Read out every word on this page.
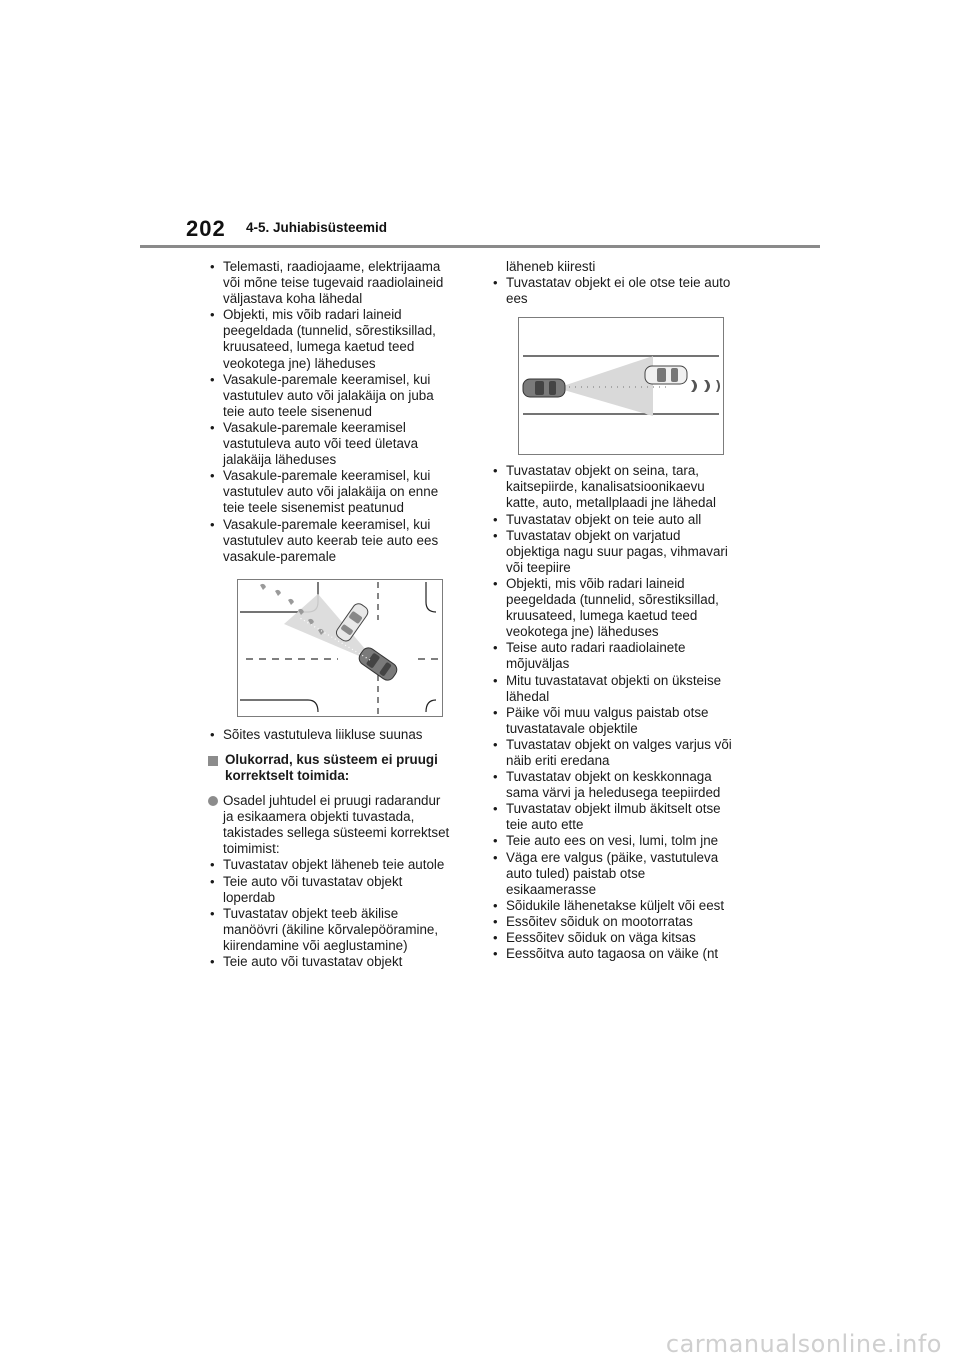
202 4-5. Juhiabisüsteemid
• Telemasti, raadiojaame, elektrijaama
või mõne teise tugevaid raadiolaineid
väljastava koha lähedal
• Objekti, mis võib radari laineid
peegeldada (tunnelid, sõrestiksillad,
kruusateed, lumega kaetud teed
veokotega jne) läheduses
• Vasakule-paremale keeramisel, kui
vastutulev auto või jalakäija on juba
teie auto teele sisenenud
• Vasakule-paremale keeramisel
vastutuleva auto või teed ületava
jalakäija läheduses
• Vasakule-paremale keeramisel, kui
vastutulev auto või jalakäija on enne
teie teele sisenemist peatunud
• Vasakule-paremale keeramisel, kui
vastutulev auto keerab teie auto ees
vasakule-paremale
• Sõites vastutuleva liikluse suunas
Olukorrad, kus süsteem ei pruugi
korrektselt toimida:
Osadel juhtudel ei pruugi radarandur
ja esikaamera objekti tuvastada,
takistades sellega süsteemi korrektset
toimimist:
• Tuvastatav objekt läheneb teie autole
• Teie auto või tuvastatav objekt
loperdab
• Tuvastatav objekt teeb äkilise
manöövri (äkiline kõrvalepööramine,
kiirendamine või aeglustamine)
• Teie auto või tuvastatav objekt
läheneb kiiresti
• Tuvastatav objekt ei ole otse teie auto
ees
• Tuvastatav objekt on seina, tara,
kaitsepiirde, kanalisatsioonikaevu
katte, auto, metallplaadi jne lähedal
• Tuvastatav objekt on teie auto all
• Tuvastatav objekt on varjatud
objektiga nagu suur pagas, vihmavari
või teepiire
• Objekti, mis võib radari laineid
peegeldada (tunnelid, sõrestiksillad,
kruusateed, lumega kaetud teed
veokotega jne) läheduses
• Teise auto radari raadiolainete
mõjuväljas
• Mitu tuvastatavat objekti on üksteise
lähedal
• Päike või muu valgus paistab otse
tuvastatavale objektile
• Tuvastatav objekt on valges varjus või
näib eriti eredana
• Tuvastatav objekt on keskkonnaga
sama värvi ja heledusega teepiirded
• Tuvastatav objekt ilmub äkitselt otse
teie auto ette
• Teie auto ees on vesi, lumi, tolm jne
• Väga ere valgus (päike, vastutuleva
auto tuled) paistab otse
esikaamerasse
• Sõidukile lähenetakse küljelt või eest
• Essõitev sõiduk on mootorratas
• Eessõitev sõiduk on väga kitsas
• Eessõitva auto tagaosa on väike (nt
carmanualsonline.info
